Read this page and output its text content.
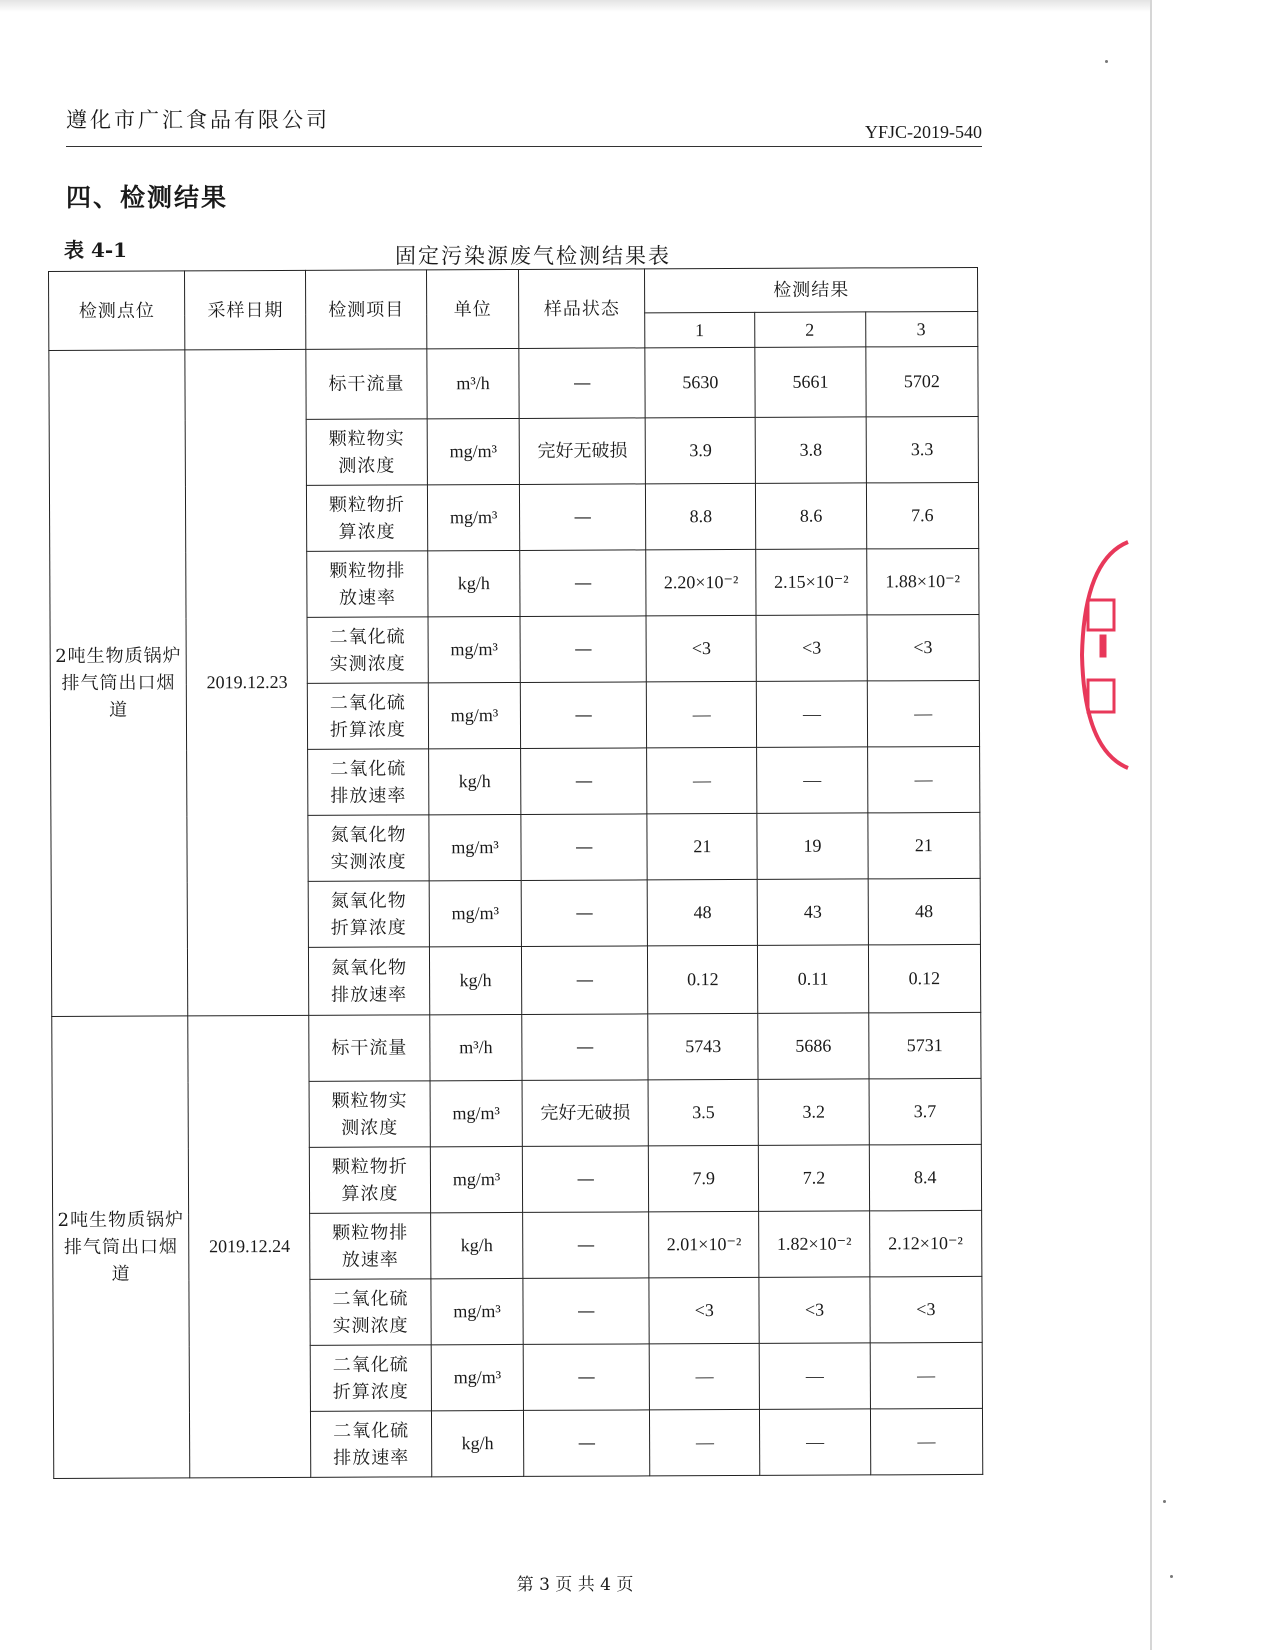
遵化市广汇食品有限公司	YFJC-2019-540
四、检测结果
表 4-1	固定污染源废气检测结果表
检测点位	采样日期	检测项目	单位	样品状态	检测结果		
					1	2	3
2吨生物质锅炉排气筒出口烟道	2019.12.23	标干流量	m³/h	—	5630	5661	5702
		颗粒物实测浓度	mg/m³	完好无破损	3.9	3.8	3.3
		颗粒物折算浓度	mg/m³	—	8.8	8.6	7.6
		颗粒物排放速率	kg/h	—	2.20×10⁻²	2.15×10⁻²	1.88×10⁻²
		二氧化硫实测浓度	mg/m³	—	<3	<3	<3
		二氧化硫折算浓度	mg/m³	—	—	—	—
		二氧化硫排放速率	kg/h	—	—	—	—
		氮氧化物实测浓度	mg/m³	—	21	19	21
		氮氧化物折算浓度	mg/m³	—	48	43	48
		氮氧化物排放速率	kg/h	—	0.12	0.11	0.12
2吨生物质锅炉排气筒出口烟道	2019.12.24	标干流量	m³/h	—	5743	5686	5731
		颗粒物实测浓度	mg/m³	完好无破损	3.5	3.2	3.7
		颗粒物折算浓度	mg/m³	—	7.9	7.2	8.4
		颗粒物排放速率	kg/h	—	2.01×10⁻²	1.82×10⁻²	2.12×10⁻²
		二氧化硫实测浓度	mg/m³	—	<3	<3	<3
		二氧化硫折算浓度	mg/m³	—	—	—	—
		二氧化硫排放速率	kg/h	—	—	—	—
第 3 页 共 4 页
